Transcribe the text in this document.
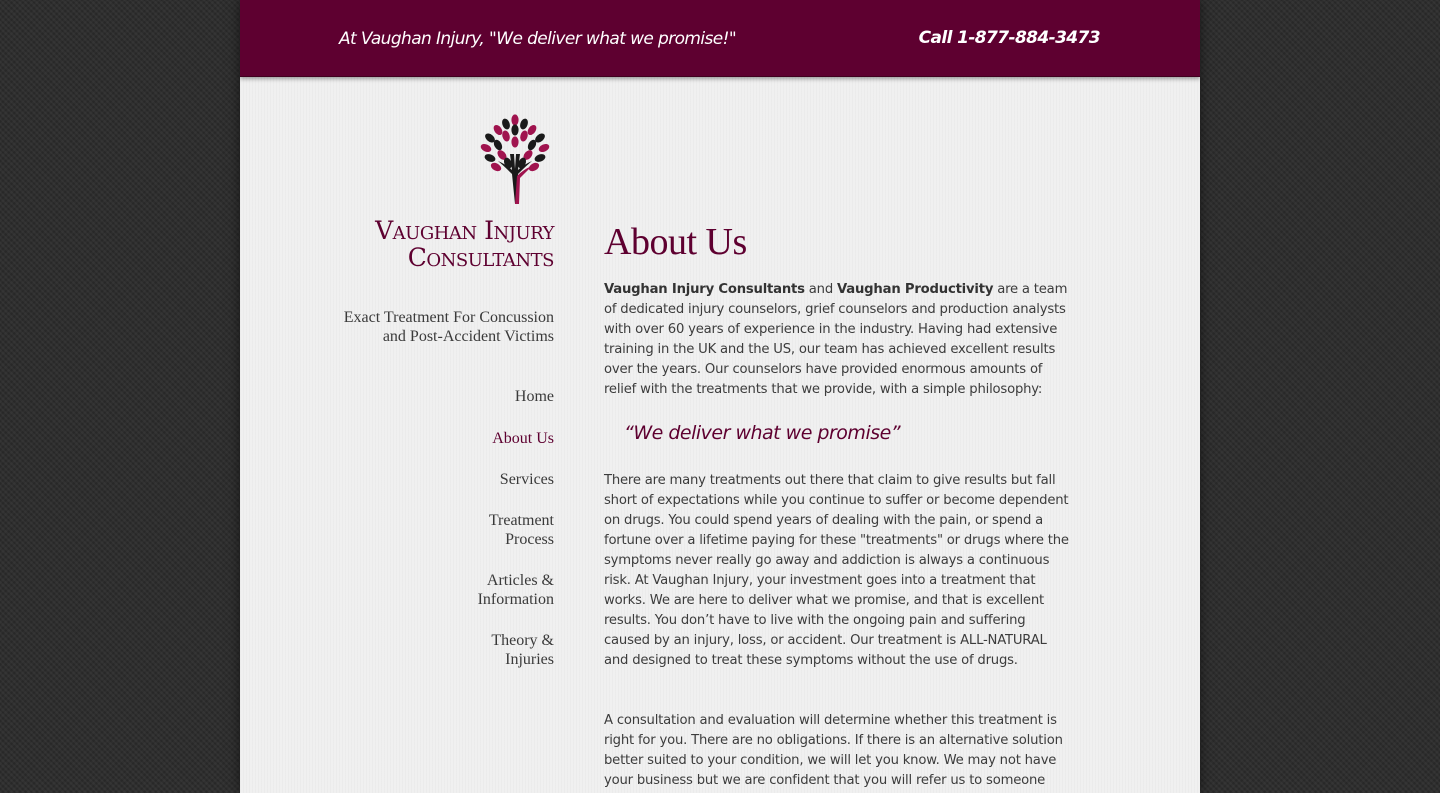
At Vaughan Injury, "We deliver what we promise!"	Call 1-877-884-3473
Vaughan Injury
Consultants
Exact Treatment For Concussion
and Post-Accident Victims
Home
About Us
Services
Treatment
Process
Articles &
Information
Theory &
Injuries
About Us

Vaughan Injury Consultants and Vaughan Productivity are a team of dedicated injury counselors, grief counselors and production analysts with over 60 years of experience in the industry. Having had extensive training in the UK and the US, our team has achieved excellent results over the years. Our counselors have provided enormous amounts of relief with the treatments that we provide, with a simple philosophy:

“We deliver what we promise”

There are many treatments out there that claim to give results but fall short of expectations while you continue to suffer or become dependent on drugs. You could spend years of dealing with the pain, or spend a fortune over a lifetime paying for these "treatments" or drugs where the symptoms never really go away and addiction is always a continuous risk. At Vaughan Injury, your investment goes into a treatment that works. We are here to deliver what we promise, and that is excellent results. You don’t have to live with the ongoing pain and suffering caused by an injury, loss, or accident. Our treatment is ALL-NATURAL and designed to treat these symptoms without the use of drugs.

A consultation and evaluation will determine whether this treatment is right for you. There are no obligations. If there is an alternative solution better suited to your condition, we will let you know. We may not have your business but we are confident that you will refer us to someone
